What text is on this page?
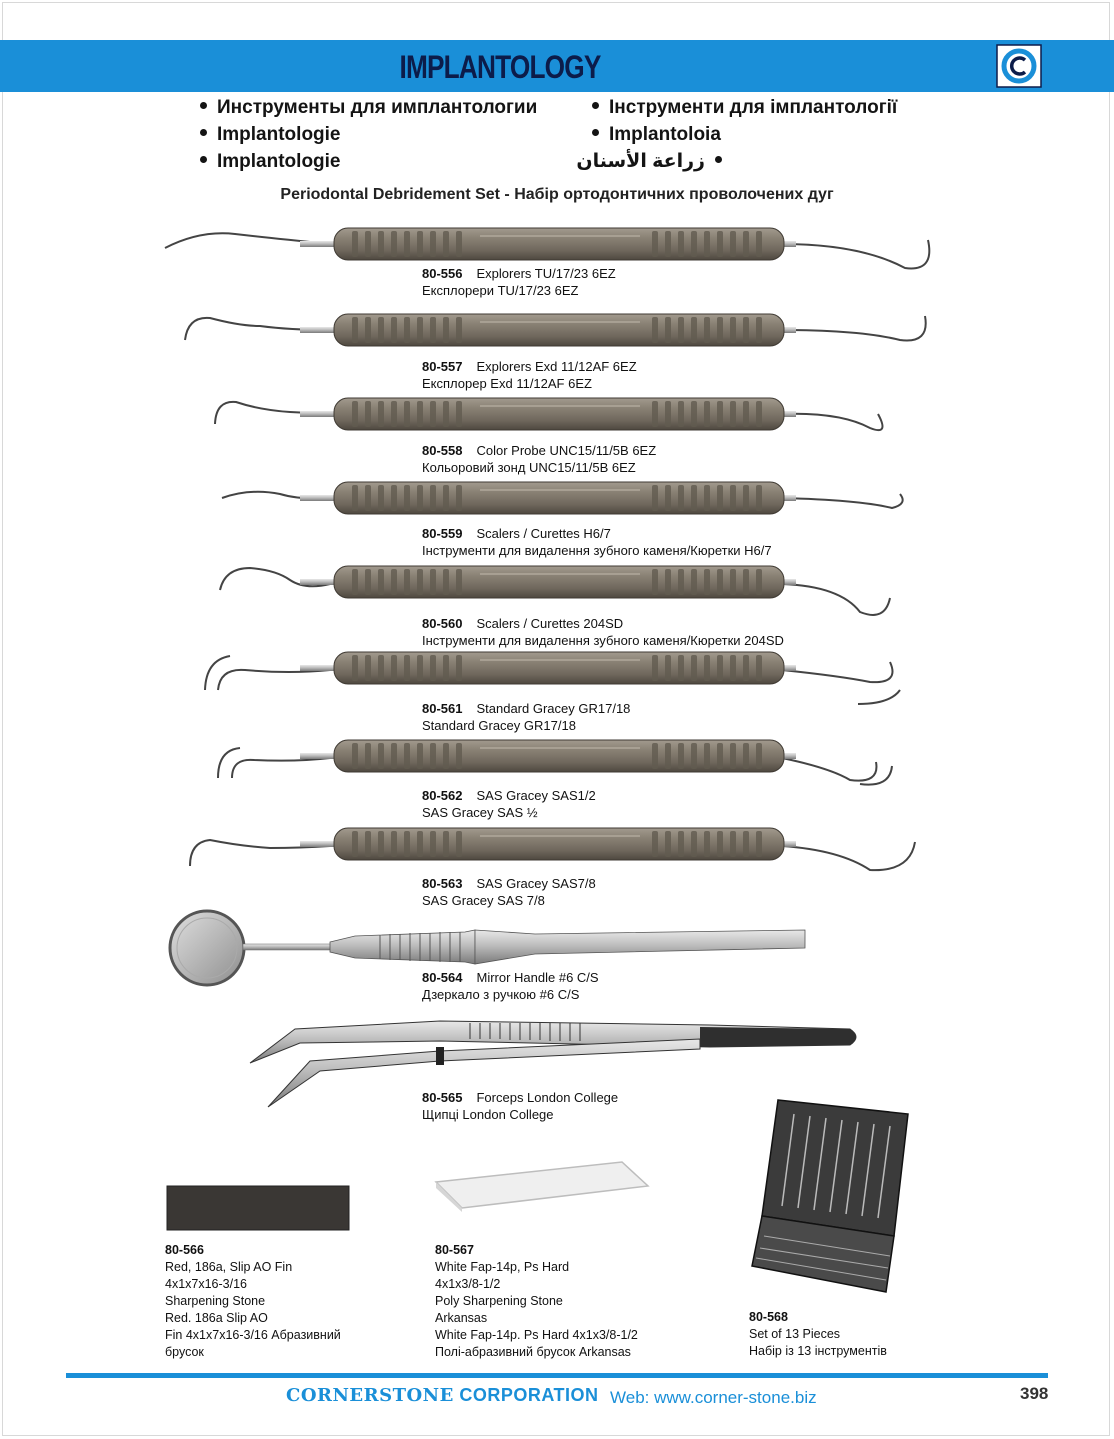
IMPLANTOLOGY
Инструменты для имплантологии
Implantologie
Implantologie
Інструменти для імплантології
Implantoloia
زراعة الأسنان
Periodontal Debridement Set - Набір ортодонтичних проволочених дуг
80-556 Explorers TU/17/23 6EZ
Експлорери TU/17/23 6EZ
80-557 Explorers Exd 11/12AF 6EZ
Експлорер Exd 11/12AF 6EZ
80-558 Color Probe UNC15/11/5B 6EZ
Кольоровий зонд UNC15/11/5B 6EZ
80-559 Scalers / Curettes H6/7
Інструменти для видалення зубного каменя/Кюретки H6/7
80-560 Scalers / Curettes 204SD
Інструменти для видалення зубного каменя/Кюретки 204SD
80-561 Standard Gracey GR17/18
Standard Gracey GR17/18
80-562 SAS Gracey SAS1/2
SAS Gracey SAS ½
80-563 SAS Gracey SAS7/8
SAS Gracey SAS 7/8
80-564 Mirror Handle #6 C/S
Дзеркало з ручкою #6 C/S
80-565 Forceps London College
Щипці London College
80-566
Red, 186a, Slip AO Fin
4x1x7x16-3/16
Sharpening Stone
Red. 186a Slip AO
Fin 4x1x7x16-3/16 Абразивний
брусок
80-567
White Fap-14p, Ps Hard
4x1x3/8-1/2
Poly Sharpening Stone
Arkansas
White Fap-14p. Ps Hard 4x1x3/8-1/2
Полі-абразивний брусок Arkansas
80-568
Set of 13 Pieces
Набір із 13 інструментів
CORNERSTONE CORPORATION Web: www.corner-stone.biz	398
